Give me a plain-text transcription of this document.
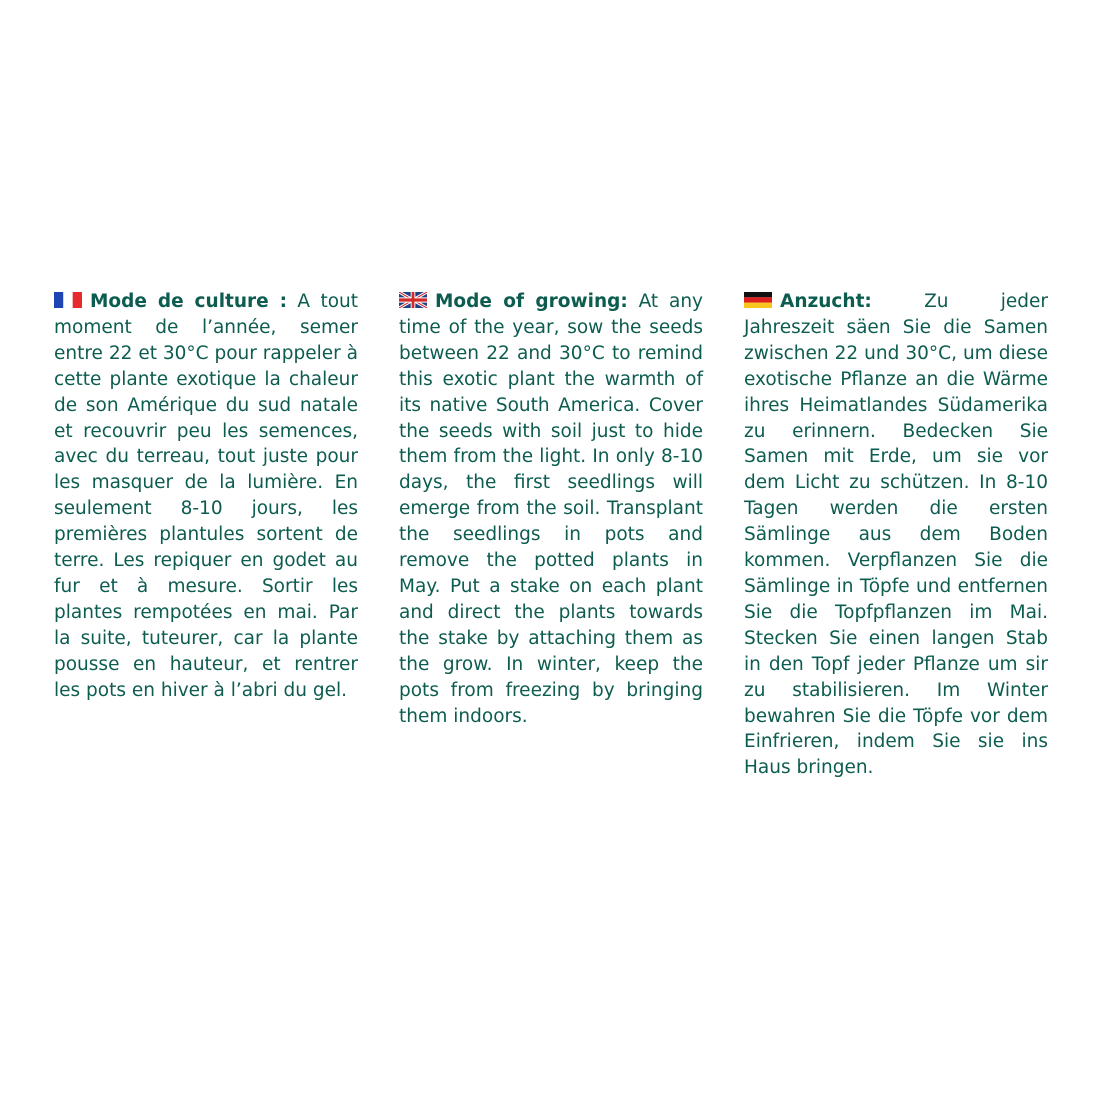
Mode de culture : A tout moment de l’année, semer entre 22 et 30°C pour rappeler à cette plante exotique la chaleur de son Amérique du sud natale et recouvrir peu les semences, avec du terreau, tout juste pour les masquer de la lumière. En seulement 8-10 jours, les premières plantules sortent de terre. Les repiquer en godet au fur et à mesure. Sortir les plantes rempotées en mai. Par la suite, tuteurer, car la plante pousse en hauteur, et rentrer les pots en hiver à l’abri du gel.
Mode of growing: At any time of the year, sow the seeds between 22 and 30°C to remind this exotic plant the warmth of its native South America. Cover the seeds with soil just to hide them from the light. In only 8-10 days, the first seedlings will emerge from the soil. Transplant the seedlings in pots and remove the potted plants in May. Put a stake on each plant and direct the plants towards the stake by attaching them as the grow. In winter, keep the pots from freezing by bringing them indoors.
Anzucht: Zu jeder Jahreszeit säen Sie die Samen zwischen 22 und 30°C, um diese exotische Pflanze an die Wärme ihres Heimatlandes Südamerika zu erinnern. Bedecken Sie Samen mit Erde, um sie vor dem Licht zu schützen. In 8-10 Tagen werden die ersten Sämlinge aus dem Boden kommen. Verpflanzen Sie die Sämlinge in Töpfe und entfernen Sie die Topfpflanzen im Mai. Stecken Sie einen langen Stab in den Topf jeder Pflanze um sir zu stabilisieren. Im Winter bewahren Sie die Töpfe vor dem Einfrieren, indem Sie sie ins Haus bringen.
